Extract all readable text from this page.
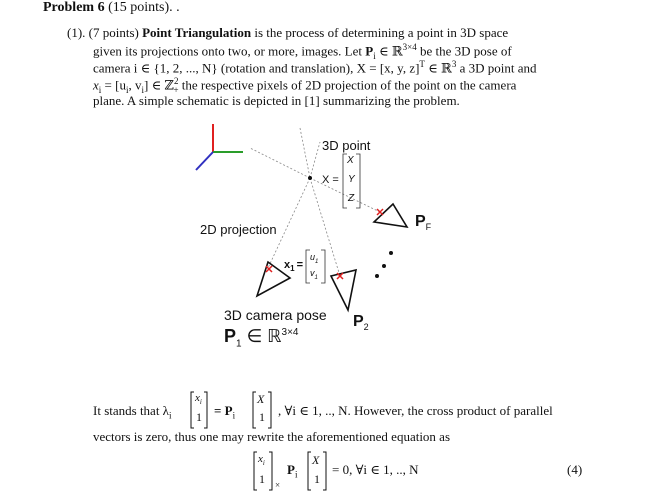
Problem 6 (15 points). .
(1). (7 points) Point Triangulation is the process of determining a point in 3D space
given its projections onto two, or more, images. Let $P_i$ ∈ ℝ$^{3\times 4}$ be the 3D pose of
camera i ∈ {1, 2, ..., N} (rotation and translation), X = [x, y, z]$^T$ ∈ ℝ$^3$ a 3D point and
$x_i = [u_i$, $v_i$] ∈ ℤ$^2_+$ the respective pixels of 2D projection of the point on the camera
plane. A simple schematic is depicted in [1] summarizing the problem.
3D point
X =
X
Y
Z
2D projection
$x_1$ =
$u_1$
$v_1$
$P_F$
$P_2$
3D camera pose
$P_1$ ∈ ℝ$^{3\times 4}$
It stands that $\lambda_i$
$x_i$
$1 = P_i$
X
1 , ∀i ∈ 1, .., N. However, the cross product of parallel
vectors is zero, thus one may rewrite the aforementioned equation as
$x_i$
1 ×
$P_i$
X
1
= 0, ∀i ∈ 1, .., N	(4)
